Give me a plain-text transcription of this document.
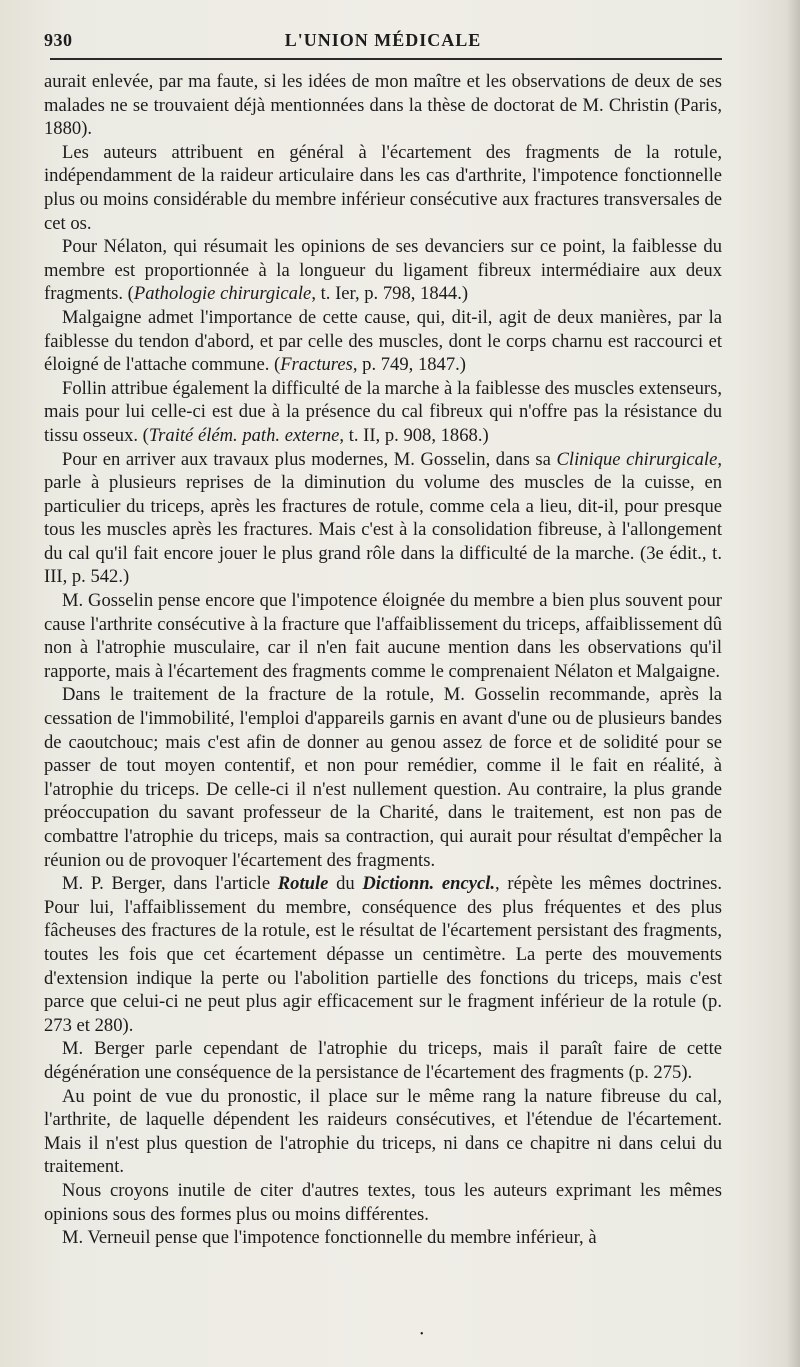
930	L'UNION MÉDICALE

aurait enlevée, par ma faute, si les idées de mon maître et les observations de deux de ses malades ne se trouvaient déjà mentionnées dans la thèse de doctorat de M. Christin (Paris, 1880).

Les auteurs attribuent en général à l'écartement des fragments de la rotule, indépendamment de la raideur articulaire dans les cas d'arthrite, l'impotence fonctionnelle plus ou moins considérable du membre inférieur consécutive aux fractures transversales de cet os.

Pour Nélaton, qui résumait les opinions de ses devanciers sur ce point, la faiblesse du membre est proportionnée à la longueur du ligament fibreux intermédiaire aux deux fragments. (Pathologie chirurgicale, t. Ier, p. 798, 1844.)

Malgaigne admet l'importance de cette cause, qui, dit-il, agit de deux manières, par la faiblesse du tendon d'abord, et par celle des muscles, dont le corps charnu est raccourci et éloigné de l'attache commune. (Fractures, p. 749, 1847.)

Follin attribue également la difficulté de la marche à la faiblesse des muscles extenseurs, mais pour lui celle-ci est due à la présence du cal fibreux qui n'offre pas la résistance du tissu osseux. (Traité élém. path. externe, t. II, p. 908, 1868.)

Pour en arriver aux travaux plus modernes, M. Gosselin, dans sa Clinique chirurgicale, parle à plusieurs reprises de la diminution du volume des muscles de la cuisse, en particulier du triceps, après les fractures de rotule, comme cela a lieu, dit-il, pour presque tous les muscles après les fractures. Mais c'est à la consolidation fibreuse, à l'allongement du cal qu'il fait encore jouer le plus grand rôle dans la difficulté de la marche. (3e édit., t. III, p. 542.)

M. Gosselin pense encore que l'impotence éloignée du membre a bien plus souvent pour cause l'arthrite consécutive à la fracture que l'affaiblissement du triceps, affaiblissement dû non à l'atrophie musculaire, car il n'en fait aucune mention dans les observations qu'il rapporte, mais à l'écartement des fragments comme le comprenaient Nélaton et Malgaigne.

Dans le traitement de la fracture de la rotule, M. Gosselin recommande, après la cessation de l'immobilité, l'emploi d'appareils garnis en avant d'une ou de plusieurs bandes de caoutchouc; mais c'est afin de donner au genou assez de force et de solidité pour se passer de tout moyen contentif, et non pour remédier, comme il le fait en réalité, à l'atrophie du triceps. De celle-ci il n'est nullement question. Au contraire, la plus grande préoccupation du savant professeur de la Charité, dans le traitement, est non pas de combattre l'atrophie du triceps, mais sa contraction, qui aurait pour résultat d'empêcher la réunion ou de provoquer l'écartement des fragments.

M. P. Berger, dans l'article Rotule du Dictionn. encycl., répète les mêmes doctrines. Pour lui, l'affaiblissement du membre, conséquence des plus fréquentes et des plus fâcheuses des fractures de la rotule, est le résultat de l'écartement persistant des fragments, toutes les fois que cet écartement dépasse un centimètre. La perte des mouvements d'extension indique la perte ou l'abolition partielle des fonctions du triceps, mais c'est parce que celui-ci ne peut plus agir efficacement sur le fragment inférieur de la rotule (p. 273 et 280).

M. Berger parle cependant de l'atrophie du triceps, mais il paraît faire de cette dégénération une conséquence de la persistance de l'écartement des fragments (p. 275).

Au point de vue du pronostic, il place sur le même rang la nature fibreuse du cal, l'arthrite, de laquelle dépendent les raideurs consécutives, et l'étendue de l'écartement. Mais il n'est plus question de l'atrophie du triceps, ni dans ce chapitre ni dans celui du traitement.

Nous croyons inutile de citer d'autres textes, tous les auteurs exprimant les mêmes opinions sous des formes plus ou moins différentes.

M. Verneuil pense que l'impotence fonctionnelle du membre inférieur, à

•
